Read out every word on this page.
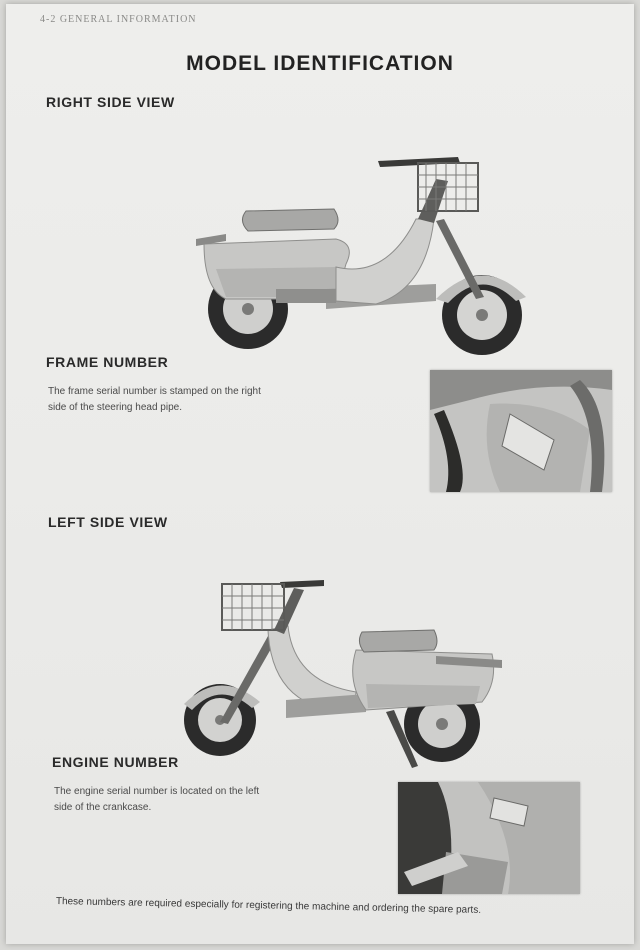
4-2 GENERAL INFORMATION
MODEL IDENTIFICATION
RIGHT SIDE VIEW
FRAME NUMBER
The frame serial number is stamped on the right
side of the steering head pipe.
LEFT SIDE VIEW
ENGINE NUMBER
The engine serial number is located on the left
side of the crankcase.
These numbers are required especially for registering the machine and ordering the spare parts.
